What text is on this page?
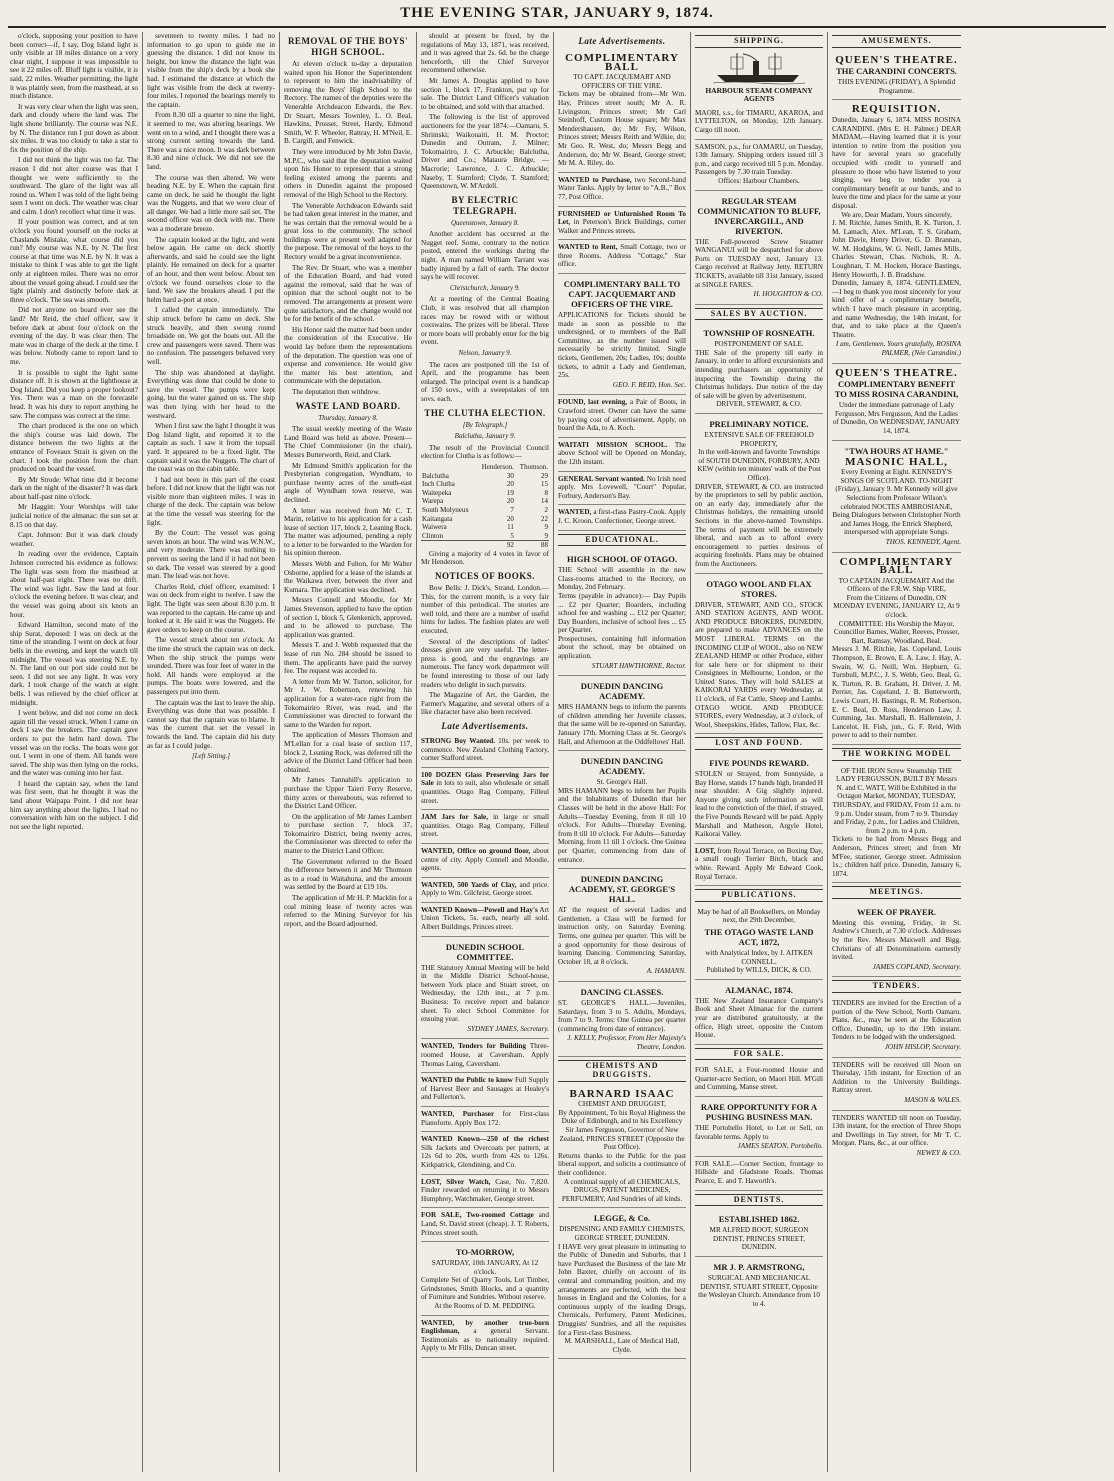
THE EVENING STAR, JANUARY 9, 1874.

o'clock, supposing your position to have been correct—if, I say, Dog Island light is only visible at 18 miles distance on a very clear night, I suppose it was impossible to see it 22 miles off. Bluff light is visible, it is said, 22 miles. Weather permitting, the light it was plainly seen, from the masthead, at so much distance.

It was very clear when the light was seen, dark and cloudy where the land was. The light shone brilliantly. The course was N.E. by N. The distance run I put down as about six miles. It was too cloudy to take a star to fix the position of the ship.

I did not think the light was too far. The reason I did not alter course was that I thought we were sufficiently to the southward. The glare of the light was all round us. When I was told of the light being seen I went on deck. The weather was clear and calm. I don't recollect what time it was.

If your position was correct, and at ten o'clock you found yourself on the rocks at Chaslands Mistake, what course did you run? My course was N.E. by N. The first course at that time was N.E. by N. It was a mistake to think I was able to get the light only at eighteen miles. There was no error about the vessel going ahead. I could see the light plainly and distinctly before dark at three o'clock. The sea was smooth.

Did not anyone on board ever see the land? Mr Reid, the chief officer, saw it before dark at about four o'clock on the evening of the day. It was clear then. The mate was in charge of the deck at the time. I was below. Nobody came to report land to me.

It is possible to sight the light some distance off. It is shown at the lighthouse at Dog Island. Did you keep a proper lookout? Yes. There was a man on the forecastle head. It was his duty to report anything he saw. The compass was correct at the time.

The chart produced is the one on which the ship's course was laid down. The distance between the two lights at the entrance of Foveaux Strait is given on the chart. I took the position from the chart produced on board the vessel.

By Mr Strode: What time did it become dark on the night of the disaster? It was dark about half-past nine o'clock.

Mr Haggitt: Your Worships will take judicial notice of the almanac: the sun set at 8.15 on that day.

Capt. Johnson: But it was dark cloudy weather.

In reading over the evidence, Captain Johnson corrected his evidence as follows: The light was seen from the masthead at about half-past eight. There was no drift. The wind was light. Saw the land at four o'clock the evening before. It was clear, and the vessel was going about six knots an hour.

Edward Hamilton, second mate of the ship Surat, deposed: I was on deck at the time of the stranding. I went on deck at four bells in the evening, and kept the watch till midnight. The vessel was steering N.E. by N. The land on our port side could not be seen. I did not see any light. It was very dark. I took charge of the watch at eight bells. I was relieved by the chief officer at midnight.

I went below, and did not come on deck again till the vessel struck. When I came on deck I saw the breakers. The captain gave orders to put the helm hard down. The vessel was on the rocks. The boats were got out. I went in one of them. All hands were saved. The ship was then lying on the rocks, and the water was coming into her fast.

I heard the captain say, when the land was first seen, that he thought it was the land about Waipapa Point. I did not hear him say anything about the lights. I had no conversation with him on the subject. I did not see the light reported.

seventeen to twenty miles. I had no information to go upon to guide me in guessing the distance. I did not know its height, but knew the distance the light was visible from the ship's deck by a book she had. I estimated the distance at which the light was visible from the deck at twenty-four miles. I reported the bearings merely to the captain.

From 8.30 till a quarter to nine the light, it seemed to me, was altering bearings. We went on to a wind, and I thought there was a strong current setting towards the land. There was a nice moon. It was dark between 8.30 and nine o'clock. We did not see the land.

The course was then altered. We were heading N.E. by E. When the captain first came on deck, he said he thought the light was the Nuggets, and that we were clear of all danger. We had a little more sail set. The second officer was on deck with me. There was a moderate breeze.

The captain looked at the light, and went below again. He came on deck shortly afterwards, and said he could see the light plainly. He remained on deck for a quarter of an hour, and then went below. About ten o'clock we found ourselves close to the land. We saw the breakers ahead. I put the helm hard a-port at once.

I called the captain immediately. The ship struck before he came on deck. She struck heavily, and then swung round broadside on. We got the boats out. All the crew and passengers were saved. There was no confusion. The passengers behaved very well.

The ship was abandoned at daylight. Everything was done that could be done to save the vessel. The pumps were kept going, but the water gained on us. The ship was then lying with her head to the westward.

When I first saw the light I thought it was Dog Island light, and reported it to the captain as such. I saw it from the topsail yard. It appeared to be a fixed light. The captain said it was the Nuggets. The chart of the coast was on the cabin table.

I had not been in this part of the coast before. I did not know that the light was not visible more than eighteen miles. I was in charge of the deck. The captain was below at the time the vessel was steering for the light.

By the Court: The vessel was going seven knots an hour. The wind was W.N.W., and very moderate. There was nothing to prevent us seeing the land if it had not been so dark. The vessel was steered by a good man. The lead was not hove.

Charles Reid, chief officer, examined: I was on deck from eight to twelve. I saw the light. The light was seen about 8.30 p.m. It was reported to the captain. He came up and looked at it. He said it was the Nuggets. He gave orders to keep on the course.

The vessel struck about ten o'clock. At the time she struck the captain was on deck. When the ship struck the pumps were sounded. There was four feet of water in the hold. All hands were employed at the pumps. The boats were lowered, and the passengers put into them.

The captain was the last to leave the ship. Everything was done that was possible. I cannot say that the captain was to blame. It was the current that set the vessel in towards the land. The captain did his duty as far as I could judge.

[Left Sitting.]

REMOVAL OF THE BOYS' HIGH SCHOOL.

At eleven o'clock to-day a deputation waited upon his Honor the Superintendent to represent to him the inadvisability of removing the Boys' High School to the Rectory. The names of the deputies were the Venerable Archdeacon Edwards, the Rev. Dr Stuart, Messrs Townley, L. O. Beal, Hawkins, Prosser, Street, Hardy, Edmond Smith, W. F. Wheeler, Rattray, H. M'Neil, E. B. Cargill, and Fenwick.

They were introduced by Mr John Davie, M.P.C., who said that the deputation waited upon his Honor to represent that a strong feeling existed among the parents and others in Dunedin against the proposed removal of the High School to the Rectory.

The Venerable Archdeacon Edwards said he had taken great interest in the matter, and he was certain that the removal would be a great loss to the community. The school buildings were at present well adapted for the purpose. The removal of the boys to the Rectory would be a great inconvenience.

The Rev. Dr Stuart, who was a member of the Education Board, and had voted against the removal, said that he was of opinion that the school ought not to be removed. The arrangements at present were quite satisfactory, and the change would not be for the benefit of the school.

His Honor said the matter had been under the consideration of the Executive. He would lay before them the representations of the deputation. The question was one of expense and convenience. He would give the matter his best attention, and communicate with the deputation.

The deputation then withdrew.

WASTE LAND BOARD.
Thursday, January 8.

The usual weekly meeting of the Waste Land Board was held as above. Present—The Chief Commissioner (in the chair), Messrs Butterworth, Reid, and Clark.

Mr Edmund Smith's application for the Presbyterian congregation, Wyndham, to purchase twenty acres of the south-east angle of Wyndham town reserve, was declined.

A letter was received from Mr C. T. Marin, relative to his application for a cash lease of section 117, block 2, Leaning Rock. The matter was adjourned, pending a reply to a letter to be forwarded to the Warden for his opinion thereon.

Messrs Webb and Fulton, for Mr Walter Osborne, applied for a lease of the islands at the Waikawa river, between the river and Kumara. The application was declined.

Messrs Connell and Moodie, for Mr James Stevenson, applied to have the option of section 1, block 5, Glenkenich, approved, and to be allowed to purchase. The application was granted.

Messrs T. and J. Webb requested that the lease of run No. 284 should be issued to them. The applicants have paid the survey fee. The request was acceded to.

A letter from Mr W. Turton, solicitor, for Mr J. W. Robertson, renewing his application for a water-race right from the Tokomairiro River, was read, and the Commissioner was directed to forward the same to the Warden for report.

The application of Messrs Thomson and M'Lellan for a coal lease of section 117, block 2, Leaning Rock, was deferred till the advice of the District Land Officer had been obtained.

Mr James Tannahill's application to purchase the Upper Taieri Ferry Reserve, thirty acres or thereabouts, was referred to the District Land Officer.

On the application of Mr James Lambert to purchase section 7, block 37, Tokomairiro District, being twenty acres, the Commissioner was directed to refer the matter to the District Land Officer.

The Government referred to the Board the difference between it and Mr Thomson as to a road in Waitahuna, and the amount was settled by the Board at £19 10s.

The application of Mr H. P. Macklin for a coal mining lease of twenty acres was referred to the Mining Surveyor for his report, and the Board adjourned.

should at present be fixed, by the regulations of May 13, 1871, was received, and it was agreed that 2s. 6d. be the charge henceforth, till the Chief Surveyor recommend otherwise.

Mr James A. Douglas applied to have section 1, block 17, Frankton, put up for sale. The District Land Officer's valuation to be obtained, and sold with that attached.

The following is the list of approved auctioneers for the year 1874:—Oamaru, S. Shrimski; Waikouaiti, H. M. Proctor; Dunedin and Outram, J. Milner; Tokomairiro, J. C. Arbuckle; Balclutha, Driver and Co.; Mataura Bridge, — Macrorie; Lawrence, J. C. Arbuckle; Naseby, T. Stamford; Clyde, T. Stamford; Queenstown, W. M'Ardell.

BY ELECTRIC TELEGRAPH.
Queenstown, January 8.

Another accident has occurred at the Nugget reef. Some, contrary to the notice posted, entered the workings during the night. A man named William Tarrant was badly injured by a fall of earth. The doctor says he will recover.

Christchurch, January 9.

At a meeting of the Central Boating Club, it was resolved that all champion races may be rowed with or without coxswains. The prizes will be liberal. Three or more boats will probably enter for the big event.

Nelson, January 9.

The races are postponed till the 1st of April, and the programme has been enlarged. The principal event is a handicap of 150 sovs., with a sweepstakes of ten sovs. each.

THE CLUTHA ELECTION.
[By Telegraph.]
Balclutha, January 9.

The result of the Provincial Council election for Clutha is as follows:—

	Henderson.	Thomson.
Balclutha	30	29
Inch Clutha	20	15
Waitepeka	19	8
Warepa	20	14
South Molyneux	7	2
Kaitangata	20	22
Waiwera	11	9
Clinton	5	9
	92	88

Giving a majority of 4 votes in favor of Mr Henderson.

NOTICES OF BOOKS.

Bow Bells: J. Dick's, Strand, London.—This, for the current month, is a very fair number of this periodical. The stories are well told, and there are a number of useful hints for ladies. The fashion plates are well executed.

Several of the descriptions of ladies' dresses given are very useful. The letter-press is good, and the engravings are numerous. The fancy work department will be found interesting to those of our lady readers who delight in such pursuits.

The Magazine of Art, the Garden, the Farmer's Magazine, and several others of a like character have also been received.

Late Advertisements.
STRONG Boy Wanted. 10s. per week to commence. New Zealand Clothing Factory, corner Stafford street.
100 DOZEN Glass Preserving Jars for Sale in lots to suit, also wholesale or small quantities. Otago Rag Company, Filleul street.
JAM Jars for Sale, in large or small quantities. Otago Rag Company, Filleul street.
WANTED, Office on ground floor, about centre of city. Apply Connell and Moodie, agents.
WANTED, 500 Yards of Clay, and price. Apply to Wm. Gilchrist, George street.
WANTED Known—Powell and Hay's Art Union Tickets, 5s. each, nearly all sold. Albert Buildings, Princes street.
DUNEDIN SCHOOL COMMITTEE.
THE Statutory Annual Meeting will be held in the Middle District School-house, between York place and Stuart street, on Wednesday, the 12th inst., at 7 p.m. Business: To receive report and balance sheet. To elect School Committee for ensuing year.
SYDNEY JAMES, Secretary.
WANTED, Tenders for Building Three-roomed House, at Caversham. Apply Thomas Laing, Caversham.
WANTED the Public to know Full Supply of Harvest Beer and Sausages at Healey's and Fullerton's.
WANTED, Purchaser for First-class Pianoforte. Apply Box 172.
WANTED Known—250 of the richest Silk Jackets and Overcoats per pattern, at 12s 6d to 20s, worth from 42s to 126s. Kirkpatrick, Glendining, and Co.
LOST, Silver Watch, Case, No. 7,820. Finder rewarded on returning it to Messrs Humphrey, Watchmaker, George street.
FOR SALE, Two-roomed Cottage and Land, St. David street (cheap). J. T. Roberts, Princes street south.
TO-MORROW,
SATURDAY, 10th JANUARY, At 12 o'clock.
Complete Set of Quarry Tools, Lot Timber, Grindstones, Smith Blocks, and a quantity of Furniture and Sundries. Without reserve.
At the Rooms of D. M. PEDDING.
WANTED, by another true-born Englishman, a general Servant. Testimonials as to nationality required. Apply to Mr Fills, Duncan street.
Late Advertisements.
COMPLIMENTARY BALL
TO CAPT. JACQUEMART AND OFFICERS OF THE VIRE.
Tickets may be obtained from—Mr Wm. Hay, Princes street south; Mr A. R. Livingston, Princes street; Mr Carl Steinhoff, Custom House square; Mr Max Mendershausen, do; Mr Fry, Wilson, Princes street; Messrs Reith and Wilkie, do; Mr Geo. R. West, do; Messrs Begg and Anderson, do; Mr W. Beard, George street; Mr M. A. Riley, do.
WANTED to Purchase, two Second-hand Water Tanks. Apply by letter to "A.B.," Box 77, Post Office.
FURNISHED or Unfurnished Room To Let, in Peterson's Brick Buildings, corner Walker and Princes streets.
WANTED to Rent, Small Cottage, two or three Rooms. Address "Cottage," Star office.
COMPLIMENTARY BALL TO CAPT. JACQUEMART AND OFFICERS OF THE VIRE.
APPLICATIONS for Tickets should be made as soon as possible to the undersigned, or to members of the Ball Committee, as the number issued will necessarily be strictly limited. Single tickets, Gentlemen, 20s; Ladies, 10s; double tickets, to admit a Lady and Gentleman, 25s.
GEO. F. REID, Hon. Sec.
FOUND, last evening, a Pair of Boots, in Crawford street. Owner can have the same by paying cost of advertisement. Apply, on board the Ada, to A. Koch.
WAITATI MISSION SCHOOL. The above School will be Opened on Monday, the 12th instant.
GENERAL Servant wanted. No Irish need apply. Mrs Lovewell, "Court" Popular, Forbury, Anderson's Bay.
WANTED, a first-class Pastry-Cook. Apply J. C. Kroon, Confectioner, George street.
EDUCATIONAL.
HIGH SCHOOL OF OTAGO.
THE School will assemble in the new Class-rooms attached to the Rectory, on Monday, 2nd February.
Terms (payable in advance):— Day Pupils ... £2 per Quarter; Boarders, including school fee and washing ... £12 per Quarter; Day Boarders, inclusive of school fees ... £5 per Quarter.
Prospectuses, containing full information about the school, may be obtained on application.
STUART HAWTHORNE, Rector.
DUNEDIN DANCING ACADEMY.
MRS HAMANN begs to inform the parents of children attending her Juvenile classes, that the same will be re-opened on Saturday, January 17th. Morning Class at St. George's Hall, and Afternoon at the Oddfellows' Hall.
DUNEDIN DANCING ACADEMY.
St. George's Hall.
MRS HAMANN begs to inform her Pupils and the Inhabitants of Dunedin that her Classes will be held in the above Hall: For Adults—Tuesday Evening, from 8 till 10 o'clock. For Adults—Thursday Evening, from 8 till 10 o'clock. For Adults—Saturday Morning, from 11 till 1 o'clock. One Guinea per Quarter, commencing from date of entrance.
DUNEDIN DANCING ACADEMY, ST. GEORGE'S HALL.
AT the request of several Ladies and Gentlemen, a Class will be formed for instruction only, on Saturday Evening. Terms, one guinea per quarter. This will be a good opportunity for those desirous of learning Dancing. Commencing Saturday, October 18, at 8 o'clock.
A. HAMANN.
DANCING CLASSES.
ST. GEORGE'S HALL.—Juveniles, Saturdays, from 3 to 5. Adults, Mondays, from 7 to 9. Terms: One Guinea per quarter (commencing from date of entrance).
J. KELLY, Professor, From Her Majesty's Theatre, London.
CHEMISTS AND DRUGGISTS.
BARNARD ISAAC
CHEMIST AND DRUGGIST,
By Appointment, To his Royal Highness the Duke of Edinburgh, and to his Excellency Sir James Fergusson, Governor of New Zealand, PRINCES STREET (Opposite the Post Office).
Returns thanks to the Public for the past liberal support, and solicits a continuance of their confidence.
A continual supply of all CHEMICALS, DRUGS, PATENT MEDICINES, PERFUMERY, And Sundries of all kinds.
LEGGE, & Co.
DISPENSING AND FAMILY CHEMISTS, GEORGE STREET, DUNEDIN.
I HAVE very great pleasure in intimating to the Public of Dunedin and Suburbs, that I have Purchased the Business of the late Mr John Baxter, chiefly on account of its central and commanding position, and my arrangements are perfected, with the best houses in England and the Colonies, for a continuous supply of the leading Drugs, Chemicals, Perfumery, Patent Medicines, Druggists' Sundries, and all the requisites for a First-class Business.
M. MARSHALL, Late of Medical Hall, Clyde.
SHIPPING.
HARBOUR STEAM COMPANY AGENTS
MAORI, s.s., for TIMARU, AKAROA, and LYTTELTON, on Monday, 12th January. Cargo till noon.
SAMSON, p.s., for OAMARU, on Tuesday, 13th January. Shipping orders issued till 3 p.m., and cargo received till 5 p.m. Monday. Passengers by 7.30 train Tuesday.
Offices: Harbour Chambers.
REGULAR STEAM COMMUNICATION TO BLUFF, INVERCARGILL, AND RIVERTON.
THE Full-powered Screw Steamer WANGANUI will be despatched for above Ports on TUESDAY next, January 13. Cargo received at Railway Jetty. RETURN TICKETS, available till 31st January, issued at SINGLE FARES.
H. HOUGHTON & CO.
SALES BY AUCTION.
TOWNSHIP OF ROSNEATH.
POSTPONEMENT OF SALE.
THE Sale of the property till early in January, in order to afford excursionists and intending purchasers an opportunity of inspecting the Township during the Christmas holidays. Due notice of the day of sale will be given by advertisement.
DRIVER, STEWART, & CO.
PRELIMINARY NOTICE.
EXTENSIVE SALE OF FREEHOLD PROPERTY,
In the well-known and favorite Townships of SOUTH DUNEDIN, FORBURY, AND KEW (within ten minutes' walk of the Post Office).
DRIVER, STEWART, & CO. are instructed by the proprietors to sell by public auction, on an early day, immediately after the Christmas holidays, the remaining unsold Sections in the above-named Townships. The terms of payment will be extremely liberal, and such as to afford every encouragement to parties desirous of acquiring freeholds. Plans may be obtained from the Auctioneers.
OTAGO WOOL AND FLAX STORES.
DRIVER, STEWART, AND CO., STOCK AND STATION AGENTS, AND WOOL AND PRODUCE BROKERS, DUNEDIN, are prepared to make ADVANCES on the MOST LIBERAL TERMS on the INCOMING CLIP of WOOL, also on NEW ZEALAND HEMP or other Produce, either for sale here or for shipment to their Consignees in Melbourne, London, or the United States. They will hold SALES at KAIKORAI YARDS every Wednesday, at 11 o'clock, of Fat Cattle, Sheep and Lambs. OTAGO WOOL AND PRODUCE STORES, every Wednesday, at 3 o'clock, of Wool, Sheepskins, Hides, Tallow, Flax, &c.
LOST AND FOUND.
FIVE POUNDS REWARD.
STOLEN or Strayed, from Sunnyside, a Bay Horse, stands 17 hands high, branded H near shoulder. A Gig slightly injured. Anyone giving such information as will lead to the conviction of the thief, if strayed, the Five Pounds Reward will be paid. Apply Marshall and Matheson, Argyle Hotel, Kaikorai Valley.
LOST, from Royal Terrace, on Boxing Day, a small rough Terrier Bitch, black and white. Reward. Apply Mr Edward Cook, Royal Terrace.
PUBLICATIONS.
May be had of all Booksellers, on Monday next, the 29th December,
THE OTAGO WASTE LAND ACT, 1872,
with Analytical Index, by J. AITKEN CONNELL.
Published by WILLS, DICK, & CO.
ALMANAC, 1874.
THE New Zealand Insurance Company's Book and Sheet Almanac for the current year are distributed gratuitously, at the office, High street, opposite the Custom House.
FOR SALE.
FOR SALE, a Four-roomed House and Quarter-acre Section, on Maori Hill. M'Gill and Cumming, Manse street.
RARE OPPORTUNITY FOR A PUSHING BUSINESS MAN.
THE Portobello Hotel, to Let or Sell, on favorable terms. Apply to
JAMES SEATON, Portobello.
FOR SALE.—Corner Section, frontage to Hillside and Gladstone Roads. Thomas Pearce, E. and T. Haworth's.
DENTISTS.
ESTABLISHED 1862.
MR ALFRED BOOT, SURGEON DENTIST, PRINCES STREET, DUNEDIN.
MR J. P. ARMSTRONG,
SURGICAL AND MECHANICAL DENTIST, STUART STREET, Opposite the Wesleyan Church. Attendance from 10 to 4.
AMUSEMENTS.
QUEEN'S THEATRE.
THE CARANDINI CONCERTS.
THIS EVENING (FRIDAY), A Splendid Programme.
REQUISITION.
Dunedin, January 6, 1874. MISS ROSINA CARANDINI. (Mrs E. H. Palmer.) DEAR MADAM,—Having learned that it is your intention to retire from the position you have for several years so gracefully occupied with credit to yourself and pleasure to those who have listened to your singing, we beg to tender you a complimentary benefit at our hands, and to leave the time and place for the same at your disposal.
We are, Dear Madam, Yours sincerely,
J. M. Ritchie, James Smith, R. K. Turton, J. M. Lamach, Alex. M'Lean, T. S. Graham, John Davie, Henry Driver, G. D. Brannan, W. M. Hodgkins, W. G. Neill, James Mills, Charles Stewart, Chas. Nichols, R. A. Loughnan, T. M. Hocken, Horace Bastings, Henry Howorth, J. B. Bradshaw.
Dunedin, January 8, 1874. GENTLEMEN,—I beg to thank you most sincerely for your kind offer of a complimentary benefit, which I have much pleasure in accepting, and name Wednesday, the 14th instant, for that, and to take place at the Queen's Theatre.
I am, Gentlemen, Yours gratefully, ROSINA PALMER, (Née Carandini.)
QUEEN'S THEATRE.
COMPLIMENTARY BENEFIT TO MISS ROSINA CARANDINI,
Under the immediate patronage of Lady Fergusson, Mrs Fergusson, And the Ladies of Dunedin, On WEDNESDAY, JANUARY 14, 1874.
"TWA HOURS AT HAME."
MASONIC HALL,
Every Evening at Eight. KENNEDY'S SONGS OF SCOTLAND. TO-NIGHT (Friday), January 9. Mr Kennedy will give Selections from Professor Wilson's celebrated NOCTES AMBROSIANÆ, Being Dialogues between Christopher North and James Hogg, the Ettrick Shepherd, interspersed with appropriate Songs.
THOS. KENNEDY, Agent.
COMPLIMENTARY BALL
TO CAPTAIN JACQUEMART And the Officers of the F.R.W. Ship VIRE,
From the Citizens of Dunedin, ON MONDAY EVENING, JANUARY 12, At 9 o'clock.
COMMITTEE: His Worship the Mayor, Councillor Barnes, Walter, Reeves, Prosser, Bart, Ramsay, Woodland, Beal.
Messrs J. M. Ritchie, Jas. Copeland, Louis Thompson, E. Brown, E. A. Law, J. Hay, A. Swain, W. G. Neill, Wm. Hepburn, G. Turnbull, M.P.C., J. S. Webb, Geo. Beal, G. K. Turton, R. B. Graham, H. Driver, J. M. Perrier, Jas. Copeland, J. B. Butterworth, Lewis Court, H. Bastings, R. M. Robertson, E. C. Beal, D. Ross, Henderson Law, J. Cumming, Jas. Marshall, B. Hallenstein, J. Lancelot, H. Fish, jun., G. F. Reid, With power to add to their number.
THE WORKING MODEL
OF THE IRON Screw Steamship THE LADY FERGUSSON, BUILT BY Messrs N. and C. WATT, Will be Exhibited in the Octagon Market, MONDAY, TUESDAY, THURSDAY, and FRIDAY, From 11 a.m. to 9 p.m. Under steam, from 7 to 9. Thursday and Friday, 2 p.m., for Ladies and Children, from 2 p.m. to 4 p.m.
Tickets to be had from Messrs Begg and Anderson, Princes street; and from Mr M'Fee, stationer, George street. Admission 1s.; children half price. Dunedin, January 6, 1874.
MEETINGS.
WEEK OF PRAYER.
Meeting this evening, Friday, in St. Andrew's Church, at 7.30 o'clock. Addresses by the Rev. Messrs Maxwell and Bigg. Christians of all Denominations earnestly invited.
JAMES COPLAND, Secretary.
TENDERS.
TENDERS are invited for the Erection of a portion of the New School, North Oamaru. Plans, &c., may be seen at the Education Office, Dunedin, up to the 19th instant. Tenders to be lodged with the undersigned.
JOHN HISLOP, Secretary.
TENDERS will be received till Noon on Thursday, 15th instant, for Erection of an Addition to the University Buildings. Rattray street.
MASON & WALES.
TENDERS WANTED till noon on Tuesday, 13th instant, for the erection of Three Shops and Dwellings in Tay street, for Mr T. C. Morgan. Plans, &c., at our office.
NEWEY & CO.
